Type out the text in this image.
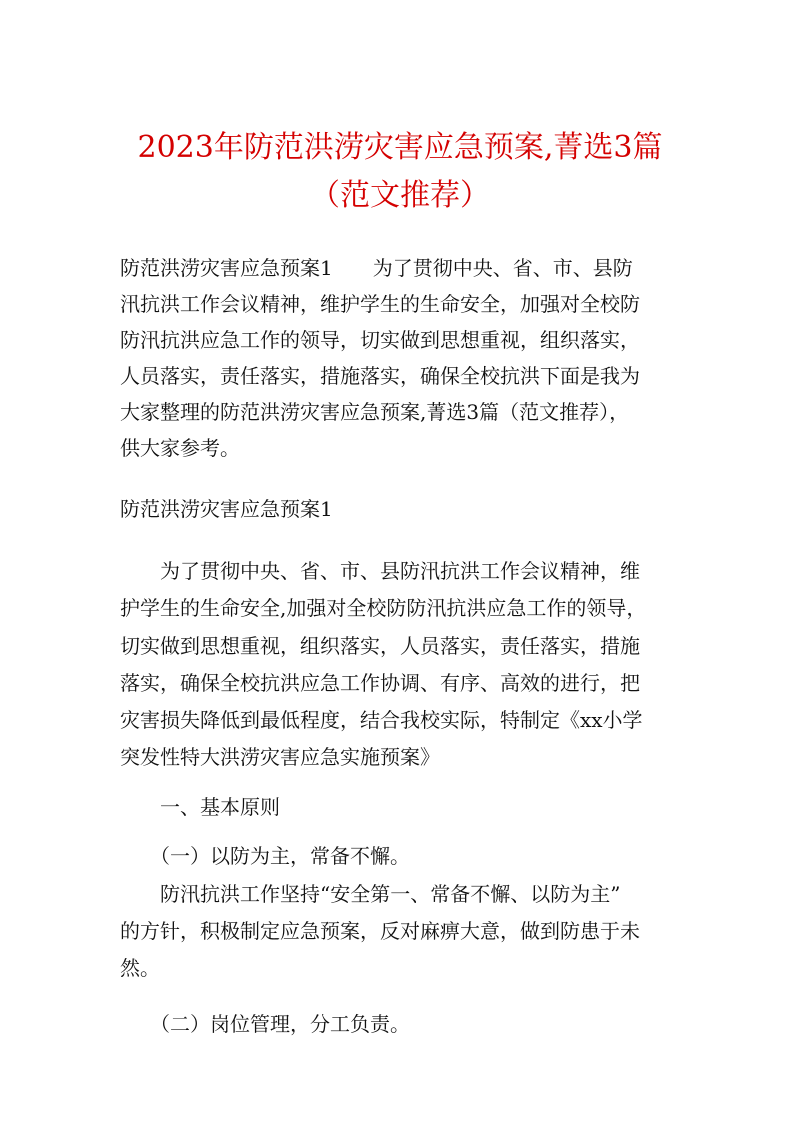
2023年防范洪涝灾害应急预案,菁选3篇
（范文推荐）
防范洪涝灾害应急预案1　　为了贯彻中央、省、市、县防
汛抗洪工作会议精神，维护学生的生命安全，加强对全校防
防汛抗洪应急工作的领导，切实做到思想重视，组织落实，
人员落实，责任落实，措施落实，确保全校抗洪下面是我为
大家整理的防范洪涝灾害应急预案,菁选3篇（范文推荐），
供大家参考。
防范洪涝灾害应急预案1
　　为了贯彻中央、省、市、县防汛抗洪工作会议精神，维
护学生的生命安全,加强对全校防防汛抗洪应急工作的领导，
切实做到思想重视，组织落实，人员落实，责任落实，措施
落实，确保全校抗洪应急工作协调、有序、高效的进行，把
灾害损失降低到最低程度，结合我校实际，特制定《xx小学
突发性特大洪涝灾害应急实施预案》
　　一、基本原则
　　（一）以防为主，常备不懈。
　　防汛抗洪工作坚持“安全第一、常备不懈、以防为主”
的方针，积极制定应急预案，反对麻痹大意，做到防患于未
然。
　　（二）岗位管理，分工负责。
